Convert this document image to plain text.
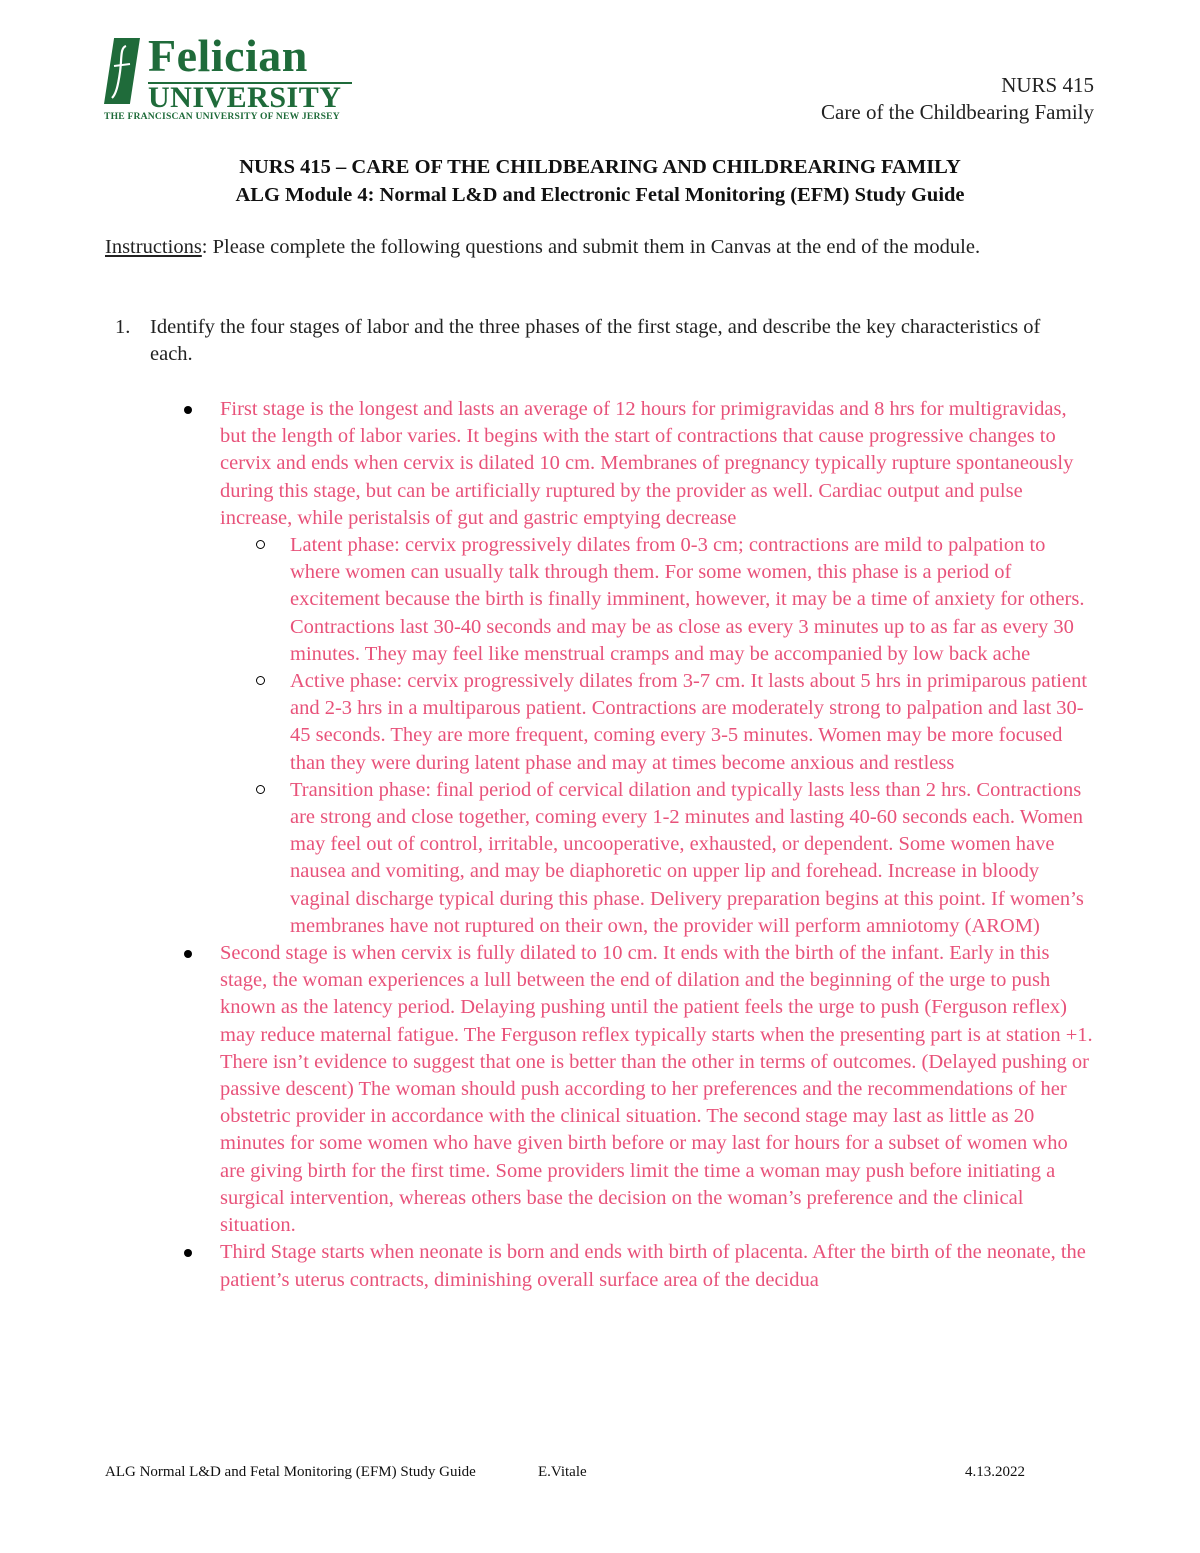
Felician
UNIVERSITY
THE FRANCISCAN UNIVERSITY OF NEW JERSEY
NURS 415
Care of the Childbearing Family
NURS 415 – CARE OF THE CHILDBEARING AND CHILDREARING FAMILY
ALG Module 4: Normal L&D and Electronic Fetal Monitoring (EFM) Study Guide
Instructions: Please complete the following questions and submit them in Canvas at the end of the module.
1. Identify the four stages of labor and the three phases of the first stage, and describe the key characteristics of each.
First stage is the longest and lasts an average of 12 hours for primigravidas and 8 hrs for multigravidas, but the length of labor varies. It begins with the start of contractions that cause progressive changes to cervix and ends when cervix is dilated 10 cm. Membranes of pregnancy typically rupture spontaneously during this stage, but can be artificially ruptured by the provider as well. Cardiac output and pulse increase, while peristalsis of gut and gastric emptying decrease
Latent phase: cervix progressively dilates from 0-3 cm; contractions are mild to palpation to where women can usually talk through them. For some women, this phase is a period of excitement because the birth is finally imminent, however, it may be a time of anxiety for others. Contractions last 30-40 seconds and may be as close as every 3 minutes up to as far as every 30 minutes. They may feel like menstrual cramps and may be accompanied by low back ache
Active phase: cervix progressively dilates from 3-7 cm. It lasts about 5 hrs in primiparous patient and 2-3 hrs in a multiparous patient. Contractions are moderately strong to palpation and last 30-45 seconds. They are more frequent, coming every 3-5 minutes. Women may be more focused than they were during latent phase and may at times become anxious and restless
Transition phase: final period of cervical dilation and typically lasts less than 2 hrs. Contractions are strong and close together, coming every 1-2 minutes and lasting 40-60 seconds each. Women may feel out of control, irritable, uncooperative, exhausted, or dependent. Some women have nausea and vomiting, and may be diaphoretic on upper lip and forehead. Increase in bloody vaginal discharge typical during this phase. Delivery preparation begins at this point. If women’s membranes have not ruptured on their own, the provider will perform amniotomy (AROM)
Second stage is when cervix is fully dilated to 10 cm. It ends with the birth of the infant. Early in this stage, the woman experiences a lull between the end of dilation and the beginning of the urge to push known as the latency period. Delaying pushing until the patient feels the urge to push (Ferguson reflex) may reduce maternal fatigue. The Ferguson reflex typically starts when the presenting part is at station +1. There isn’t evidence to suggest that one is better than the other in terms of outcomes. (Delayed pushing or passive descent) The woman should push according to her preferences and the recommendations of her obstetric provider in accordance with the clinical situation. The second stage may last as little as 20 minutes for some women who have given birth before or may last for hours for a subset of women who are giving birth for the first time. Some providers limit the time a woman may push before initiating a surgical intervention, whereas others base the decision on the woman’s preference and the clinical situation.
Third Stage starts when neonate is born and ends with birth of placenta. After the birth of the neonate, the patient’s uterus contracts, diminishing overall surface area of the decidua
ALG Normal L&D and Fetal Monitoring (EFM) Study Guide	E.Vitale	4.13.2022
